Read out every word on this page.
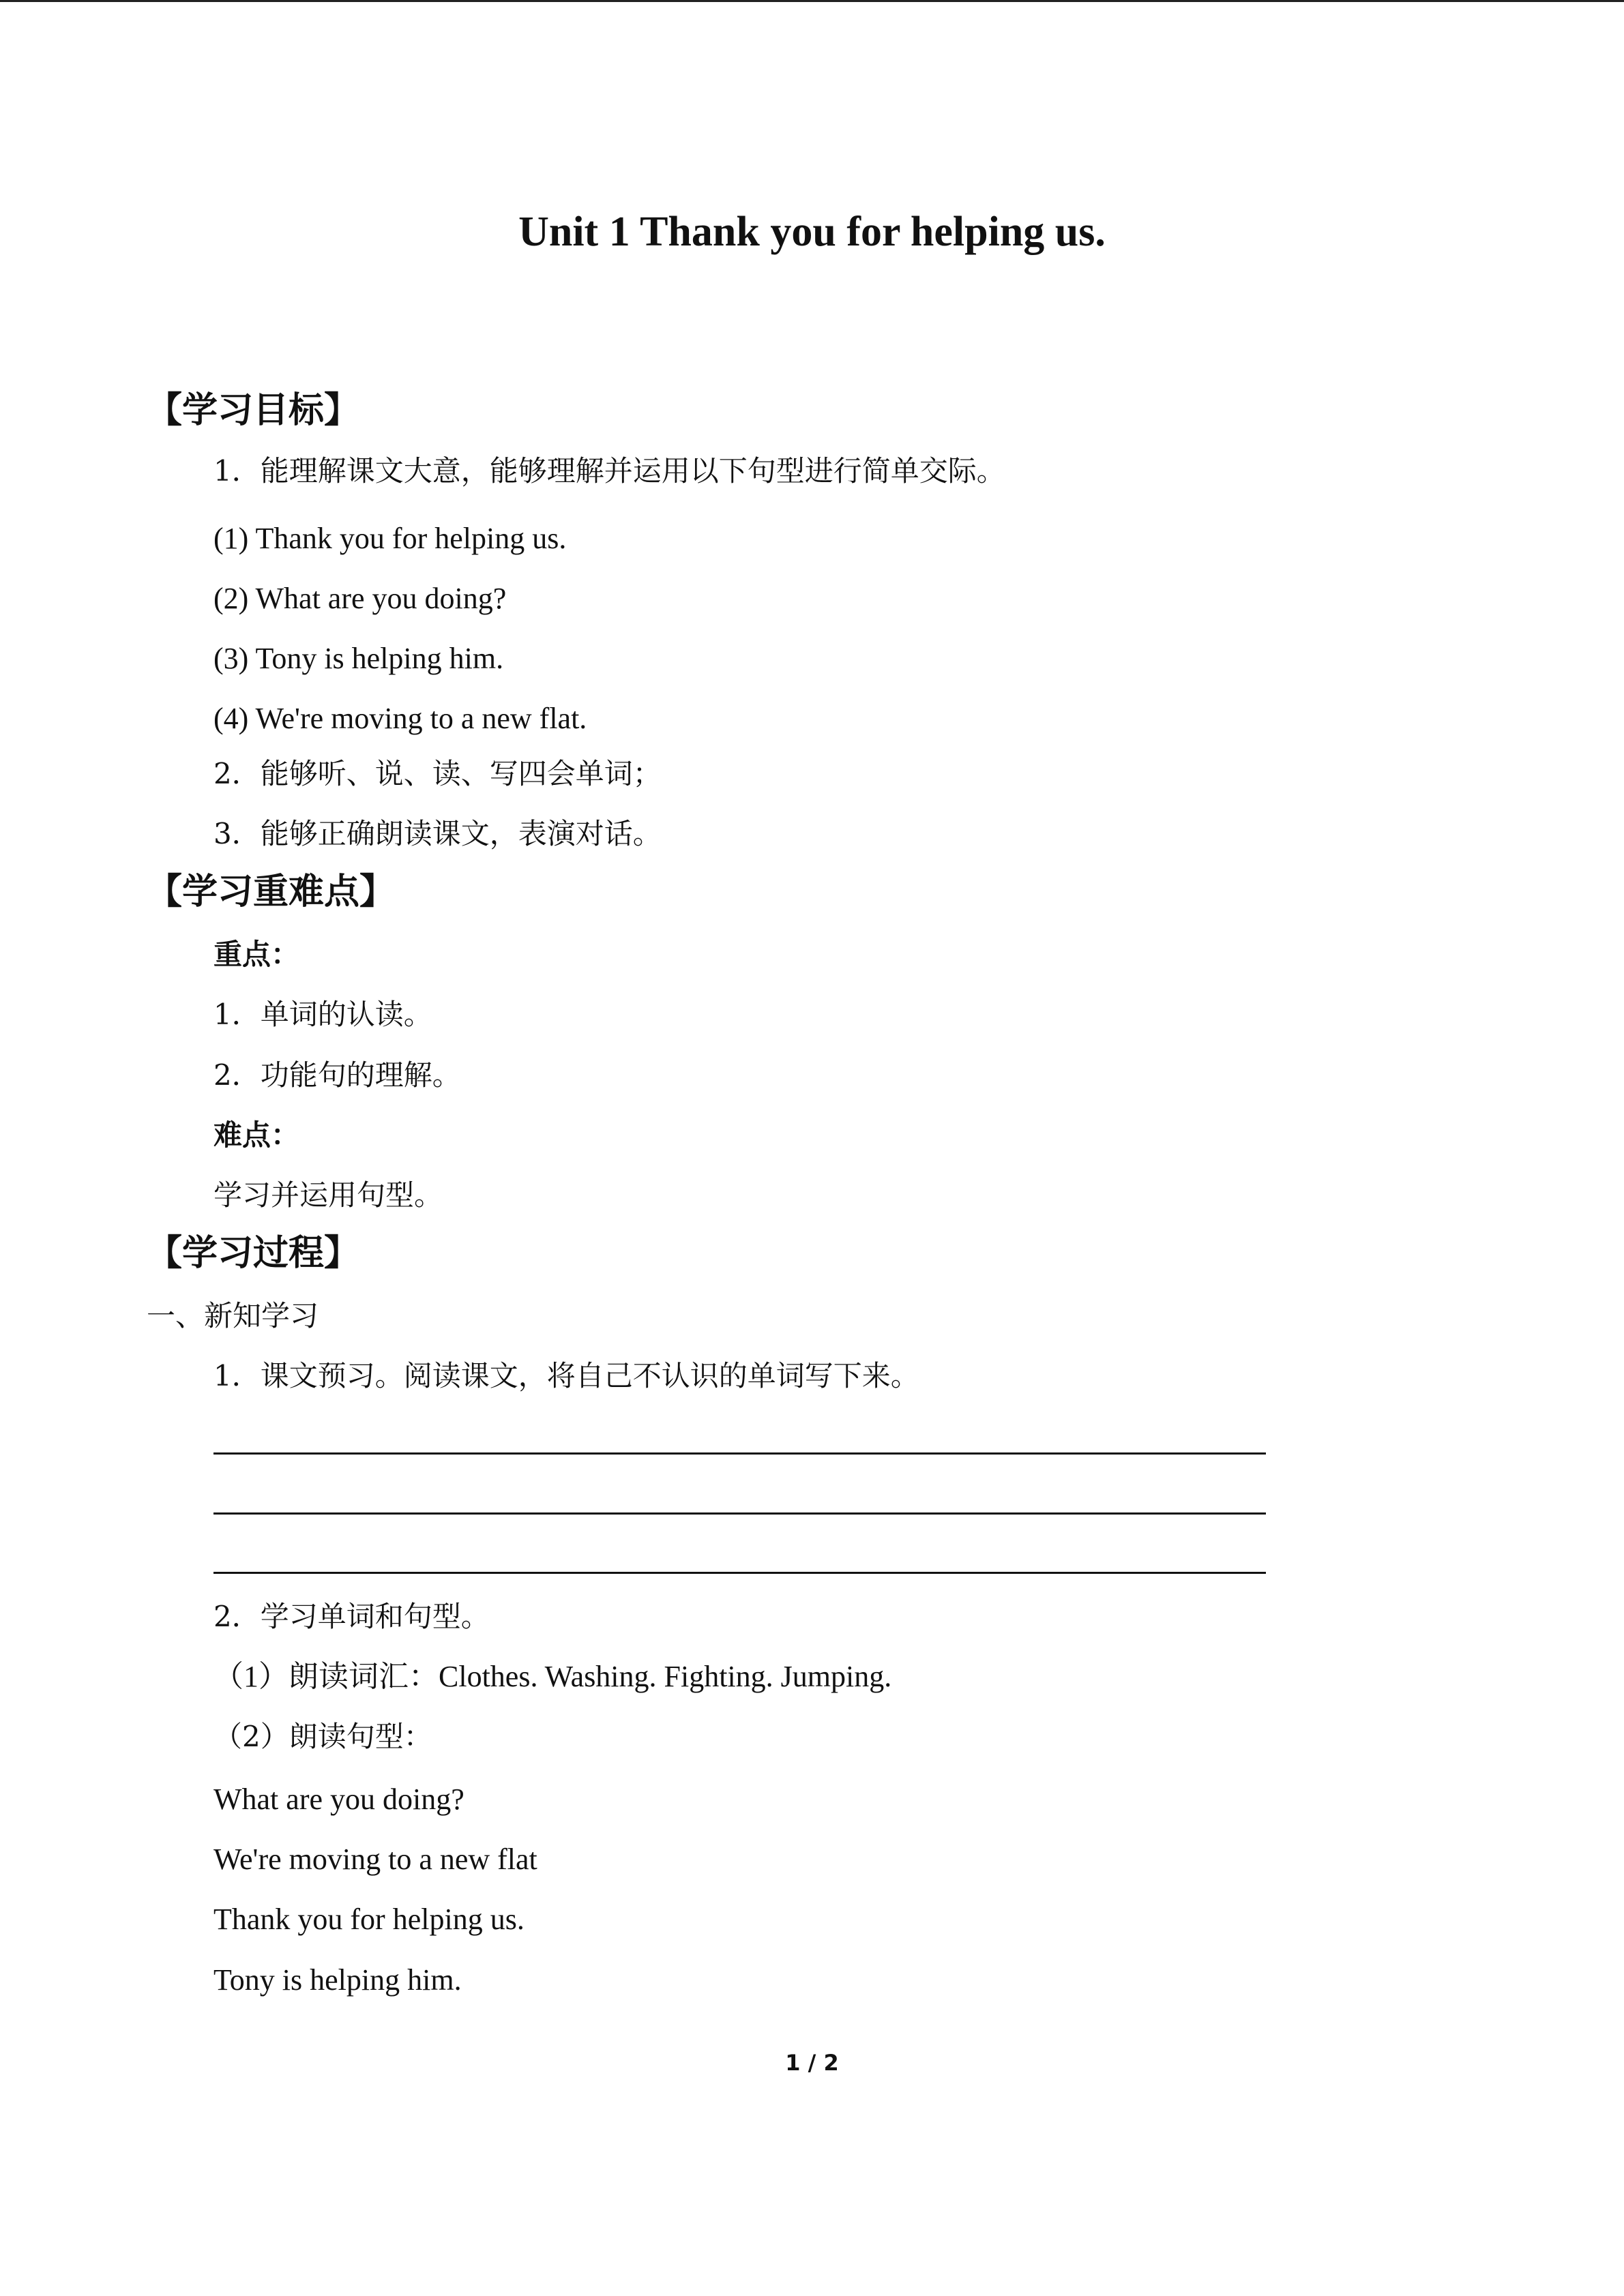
Unit 1 Thank you for helping us.
【学习目标】
1．能理解课文大意，能够理解并运用以下句型进行简单交际。
(1) Thank you for helping us.
(2) What are you doing?
(3) Tony is helping him.
(4) We're moving to a new flat.
2．能够听、说、读、写四会单词；
3．能够正确朗读课文，表演对话。
【学习重难点】
重点：
1．单词的认读。
2．功能句的理解。
难点：
学习并运用句型。
【学习过程】
一、新知学习
1．课文预习。阅读课文，将自己不认识的单词写下来。
2．学习单词和句型。
（1）朗读词汇：Clothes. Washing. Fighting. Jumping.
（2）朗读句型：
What are you doing?
We're moving to a new flat
Thank you for helping us.
Tony is helping him.
1 / 2
